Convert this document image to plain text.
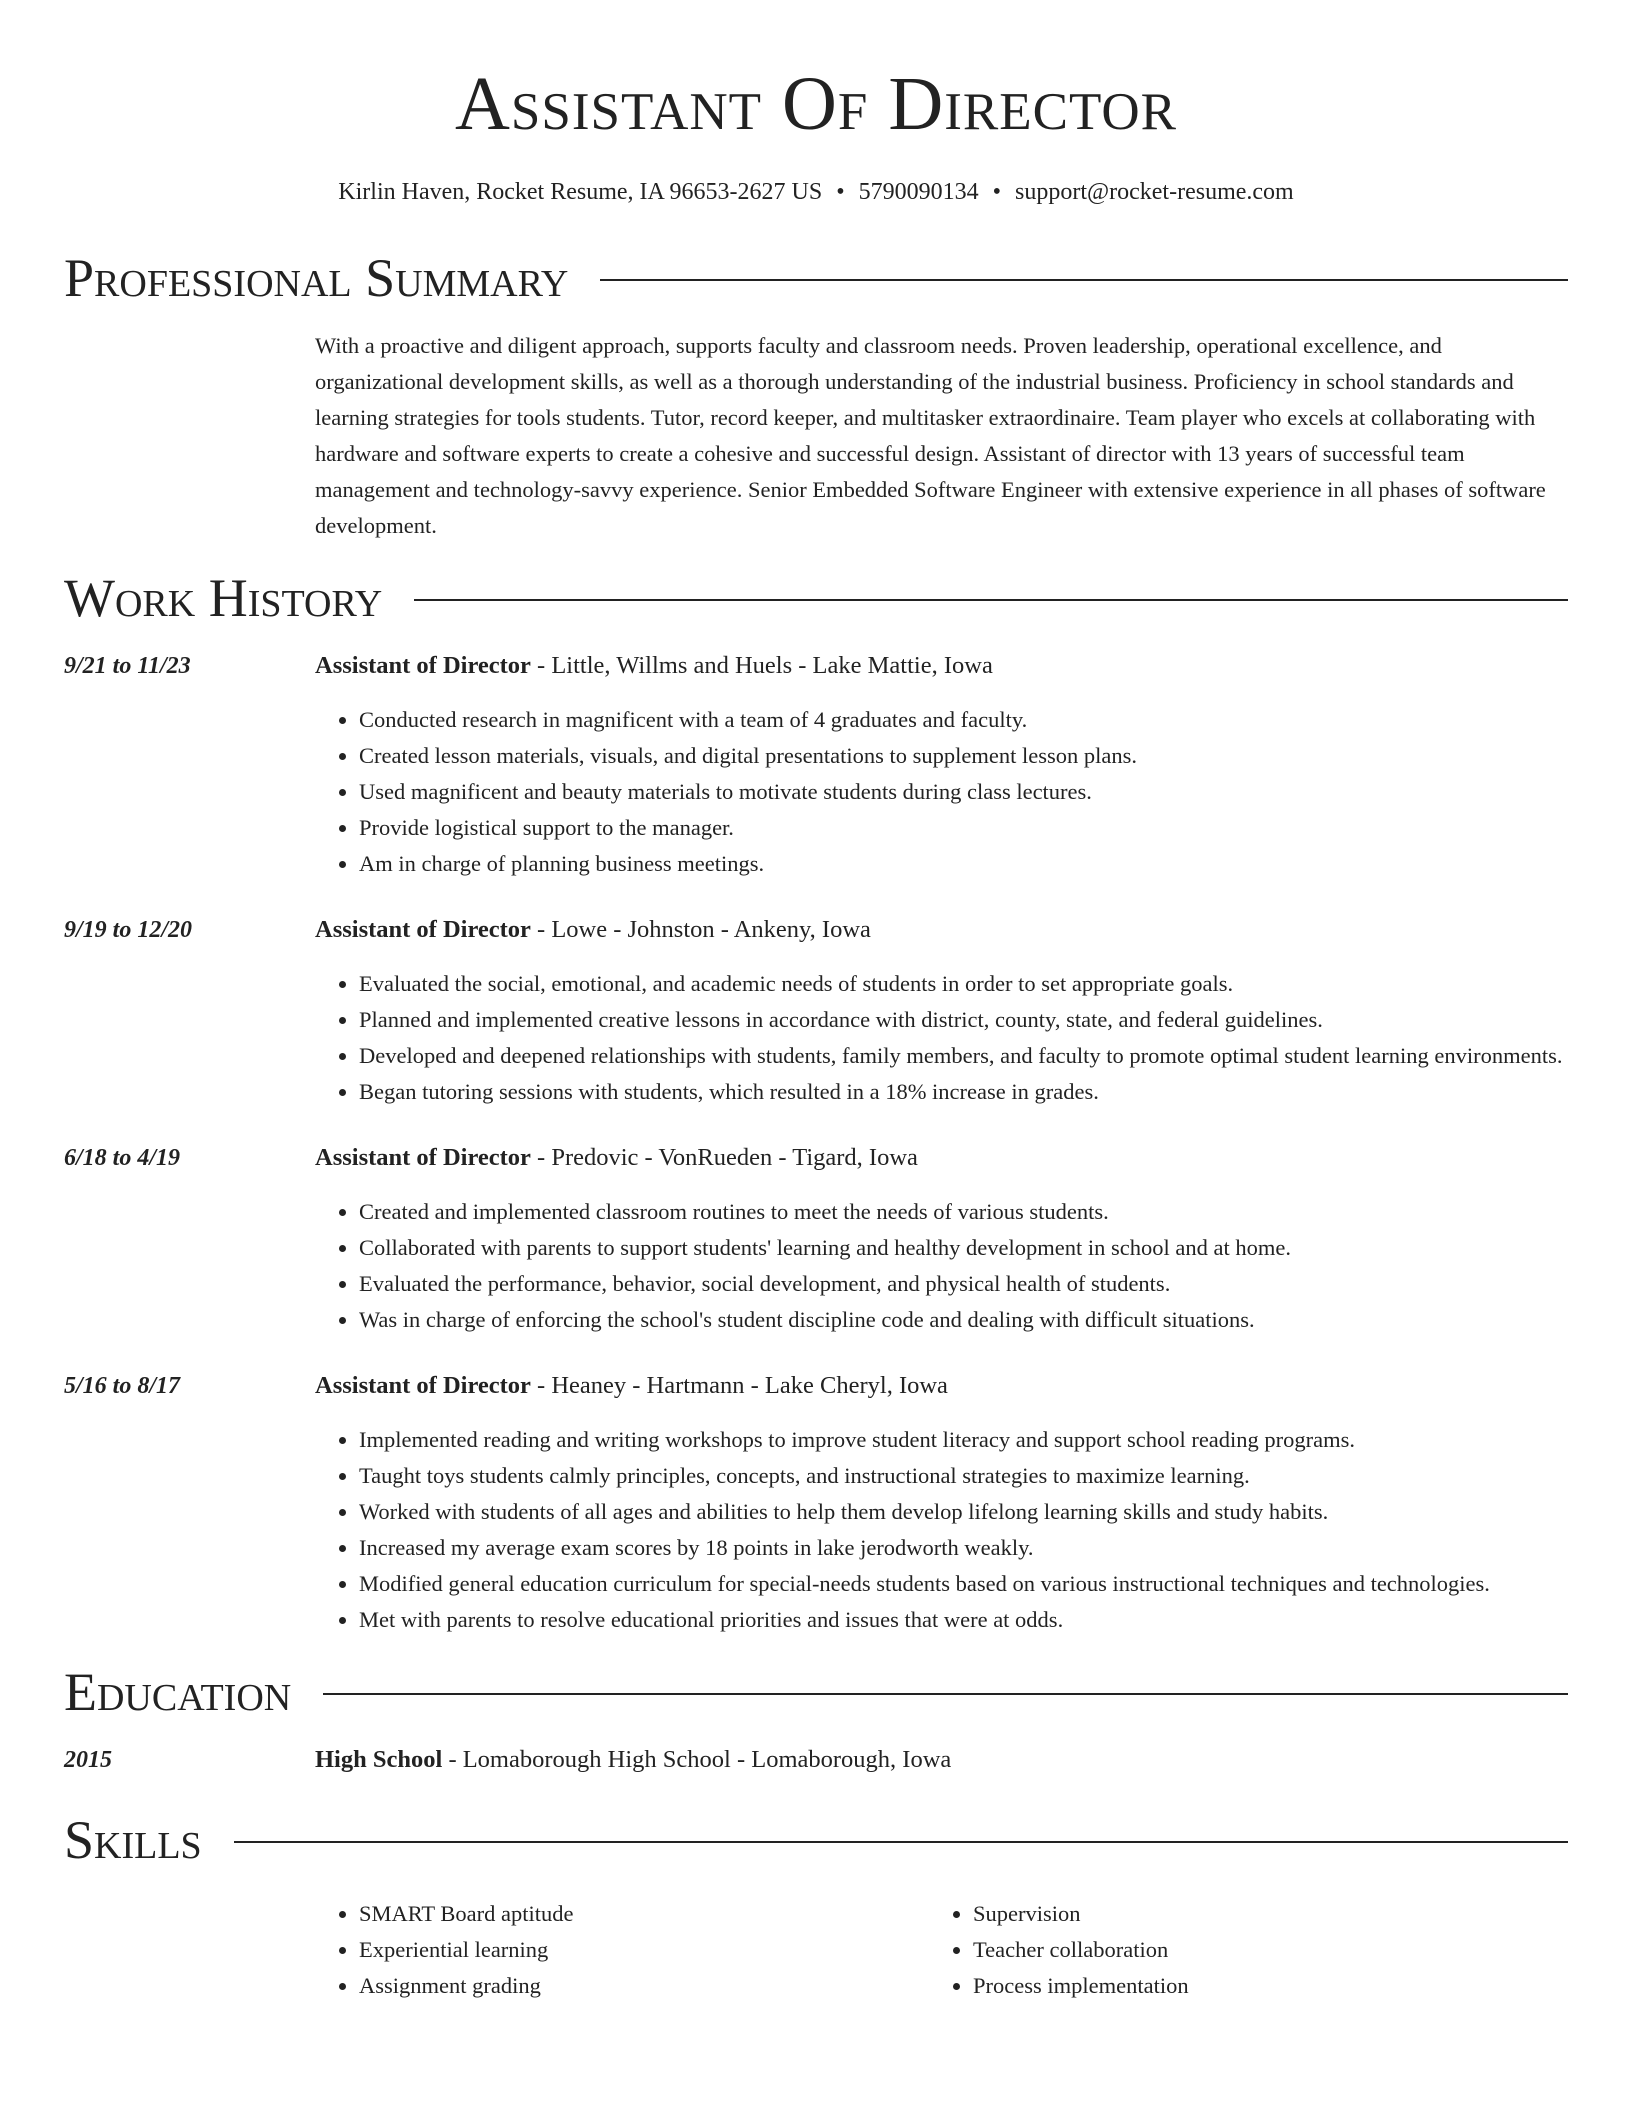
Assistant Of Director
Kirlin Haven, Rocket Resume, IA 96653-2627 US • 5790090134 • support@rocket-resume.com
Professional Summary
With a proactive and diligent approach, supports faculty and classroom needs. Proven leadership, operational excellence, and organizational development skills, as well as a thorough understanding of the industrial business. Proficiency in school standards and learning strategies for tools students. Tutor, record keeper, and multitasker extraordinaire. Team player who excels at collaborating with hardware and software experts to create a cohesive and successful design. Assistant of director with 13 years of successful team management and technology-savvy experience. Senior Embedded Software Engineer with extensive experience in all phases of software development.
Work History
9/21 to 11/23	Assistant of Director - Little, Willms and Huels - Lake Mattie, Iowa
• Conducted research in magnificent with a team of 4 graduates and faculty.
• Created lesson materials, visuals, and digital presentations to supplement lesson plans.
• Used magnificent and beauty materials to motivate students during class lectures.
• Provide logistical support to the manager.
• Am in charge of planning business meetings.
9/19 to 12/20	Assistant of Director - Lowe - Johnston - Ankeny, Iowa
• Evaluated the social, emotional, and academic needs of students in order to set appropriate goals.
• Planned and implemented creative lessons in accordance with district, county, state, and federal guidelines.
• Developed and deepened relationships with students, family members, and faculty to promote optimal student learning environments.
• Began tutoring sessions with students, which resulted in a 18% increase in grades.
6/18 to 4/19	Assistant of Director - Predovic - VonRueden - Tigard, Iowa
• Created and implemented classroom routines to meet the needs of various students.
• Collaborated with parents to support students' learning and healthy development in school and at home.
• Evaluated the performance, behavior, social development, and physical health of students.
• Was in charge of enforcing the school's student discipline code and dealing with difficult situations.
5/16 to 8/17	Assistant of Director - Heaney - Hartmann - Lake Cheryl, Iowa
• Implemented reading and writing workshops to improve student literacy and support school reading programs.
• Taught toys students calmly principles, concepts, and instructional strategies to maximize learning.
• Worked with students of all ages and abilities to help them develop lifelong learning skills and study habits.
• Increased my average exam scores by 18 points in lake jerodworth weakly.
• Modified general education curriculum for special-needs students based on various instructional techniques and technologies.
• Met with parents to resolve educational priorities and issues that were at odds.
Education
2015	High School - Lomaborough High School - Lomaborough, Iowa
Skills
• SMART Board aptitude
• Experiential learning
• Assignment grading
• Supervision
• Teacher collaboration
• Process implementation
